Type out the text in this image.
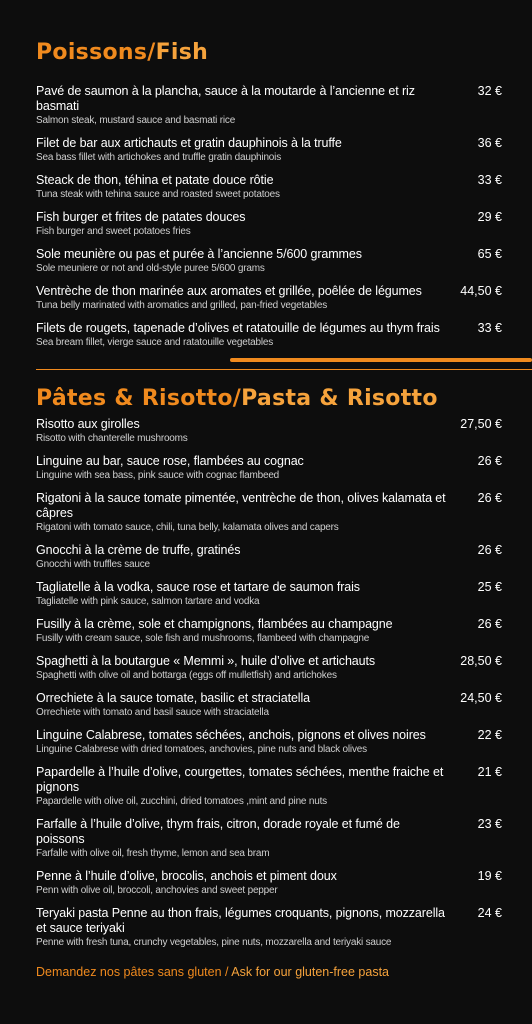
Poissons/Fish
Pavé de saumon à la plancha, sauce à la moutarde à l’ancienne et riz basmati
Salmon steak, mustard sauce and basmati rice
32 €
Filet de bar aux artichauts et gratin dauphinois à la truffe
Sea bass fillet with artichokes and truffle gratin dauphinois
36 €
Steack de thon, téhina et patate douce rôtie
Tuna steak with tehina sauce and roasted sweet potatoes
33 €
Fish burger et frites de patates douces
Fish burger and sweet potatoes fries
29 €
Sole meunière ou pas et purée à l’ancienne 5/600 grammes
Sole meuniere or not and old-style puree 5/600 grams
65 €
Ventrèche de thon marinée aux aromates et grillée, poêlée de légumes
Tuna belly marinated with aromatics and grilled, pan-fried vegetables
44,50 €
Filets de rougets, tapenade d’olives et ratatouille de légumes au thym frais
Sea bream fillet, vierge sauce and ratatouille vegetables
33 €
Pâtes & Risotto/Pasta & Risotto
Risotto aux girolles
Risotto with chanterelle mushrooms
27,50 €
Linguine au bar, sauce rose, flambées au cognac
Linguine with sea bass, pink sauce with cognac flambeed
26 €
Rigatoni à la sauce tomate pimentée, ventrèche de thon, olives kalamata et câpres
Rigatoni with tomato sauce, chili, tuna belly, kalamata olives and capers
26 €
Gnocchi à la crème de truffe, gratinés
Gnocchi with truffles sauce
26 €
Tagliatelle à la vodka, sauce rose et tartare de saumon frais
Tagliatelle with pink sauce, salmon tartare and vodka
25 €
Fusilly à la crème, sole et champignons, flambées au champagne
Fusilly with cream sauce, sole fish and mushrooms, flambeed with champagne
26 €
Spaghetti à la boutargue « Memmi », huile d’olive et artichauts
Spaghetti with olive oil and bottarga (eggs off mulletfish) and artichokes
28,50 €
Orrechiete à la sauce tomate, basilic et straciatella
Orrechiete with tomato and basil sauce with straciatella
24,50 €
Linguine Calabrese, tomates séchées, anchois, pignons et olives noires
Linguine Calabrese with dried tomatoes, anchovies, pine nuts and black olives
22 €
Papardelle à l’huile d’olive, courgettes, tomates séchées, menthe fraiche et pignons
Papardelle with olive oil, zucchini, dried tomatoes ,mint and pine nuts
21 €
Farfalle à l’huile d’olive, thym frais, citron, dorade royale et fumé de poissons
Farfalle with olive oil, fresh thyme, lemon and sea bram
23 €
Penne à l’huile d’olive, brocolis, anchois et piment doux
Penn with olive oil, broccoli, anchovies and sweet pepper
19 €
Teryaki pasta Penne au thon frais, légumes croquants, pignons, mozzarella et sauce teriyaki
Penne with fresh tuna, crunchy vegetables, pine nuts, mozzarella and teriyaki sauce
24 €
Demandez nos pâtes sans gluten / Ask for our gluten-free pasta
